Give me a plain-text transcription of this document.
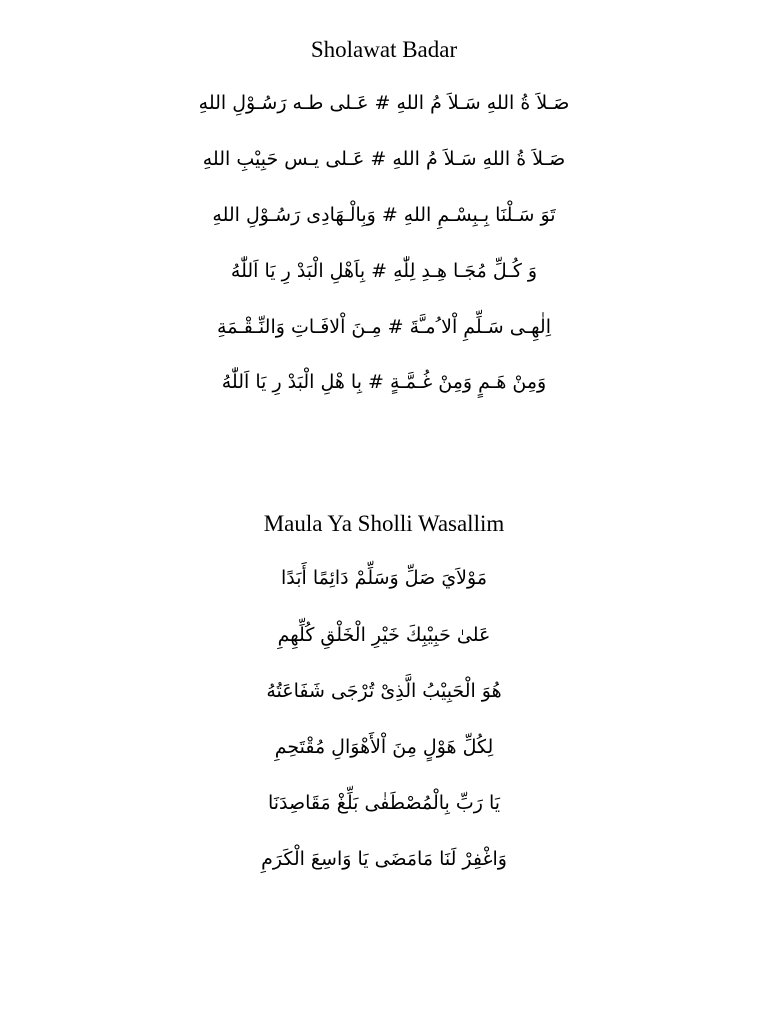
Sholawat Badar
صَـلاَ ةُ اللهِ سَـلاَ مُ اللهِ # عَـلى طـه رَسُـوْلِ اللهِ
صَـلاَ ةُ اللهِ سَـلاَ مُ اللهِ # عَـلى يـس حَبِيْبِ اللهِ
تَوَ سَـلْنَا بِـبِسْـمِ اللهِ # وَبِالْـهَادِى رَسُـوْلِ اللهِ
وَ كُـلِّ مُجَـا هِـدِ لِلّٰهِ # بِاَهْلِ الْبَدْ رِ يَا اَللّٰهُ
اِلٰهِـى سَـلِّمِ اْلا ُمـَّةَ # مِـنَ اْلافَـاتِ وَالنِّـقْـمَةِ
وَمِنْ هَـمٍ وَمِنْ غُـمَّـةٍ # بِا هْلِ الْبَدْ رِ يَا اَللّٰهُ
Maula Ya Sholli Wasallim
مَوْلاَيَ صَلِّ وَسَلِّمْ دَائِمًا أَبَدًا
عَلىٰ حَبِيْبِكَ خَيْرِ الْخَلْقِ كُلِّهِمِ
هُوَ الْحَبِيْبُ الَّذِىْ تُرْجَى شَفَاعَتُهُ
لِكُلِّ هَوْلٍ مِنَ اْلأَهْوَالِ مُقْتَحِمِ
يَا رَبِّ بِالْمُصْطَفٰى بَلِّغْ مَقَاصِدَنَا
وَاغْفِرْ لَنَا مَامَضَى يَا وَاسِعَ الْكَرَمِ
